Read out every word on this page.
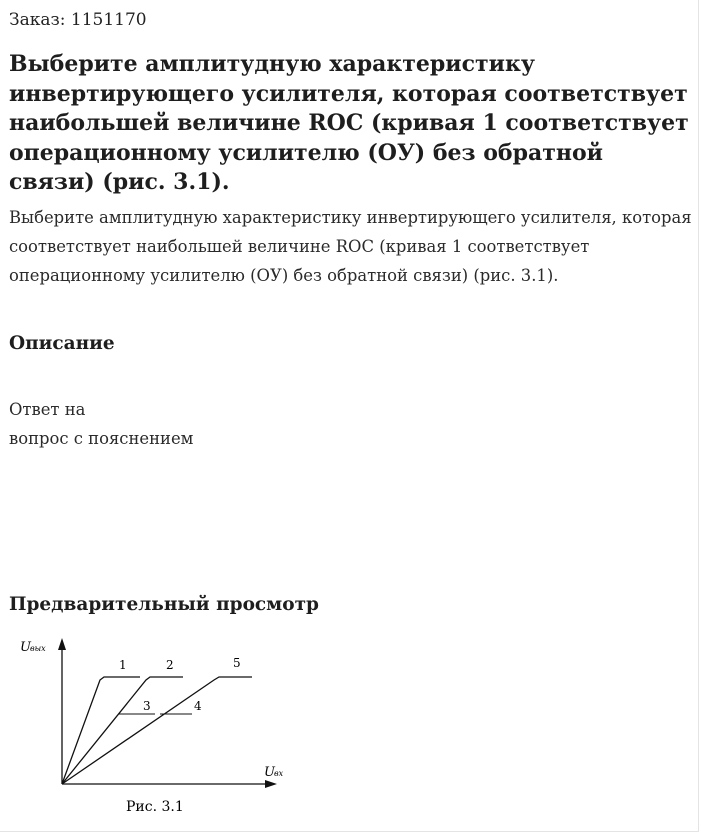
Заказ: 1151170
Выберите амплитудную характеристику инвертирующего усилителя, которая соответствует наибольшей величине ROC (кривая 1 соответствует операционному усилителю (ОУ) без обратной связи) (рис. 3.1).
Выберите амплитудную характеристику инвертирующего усилителя, которая соответствует наибольшей величине ROC (кривая 1 соответствует операционному усилителю (ОУ) без обратной связи) (рис. 3.1).
Описание
Ответ на
вопрос с пояснением
Предварительный просмотр
U вых
U вх
1	2	5
3	4
Рис. 3.1
